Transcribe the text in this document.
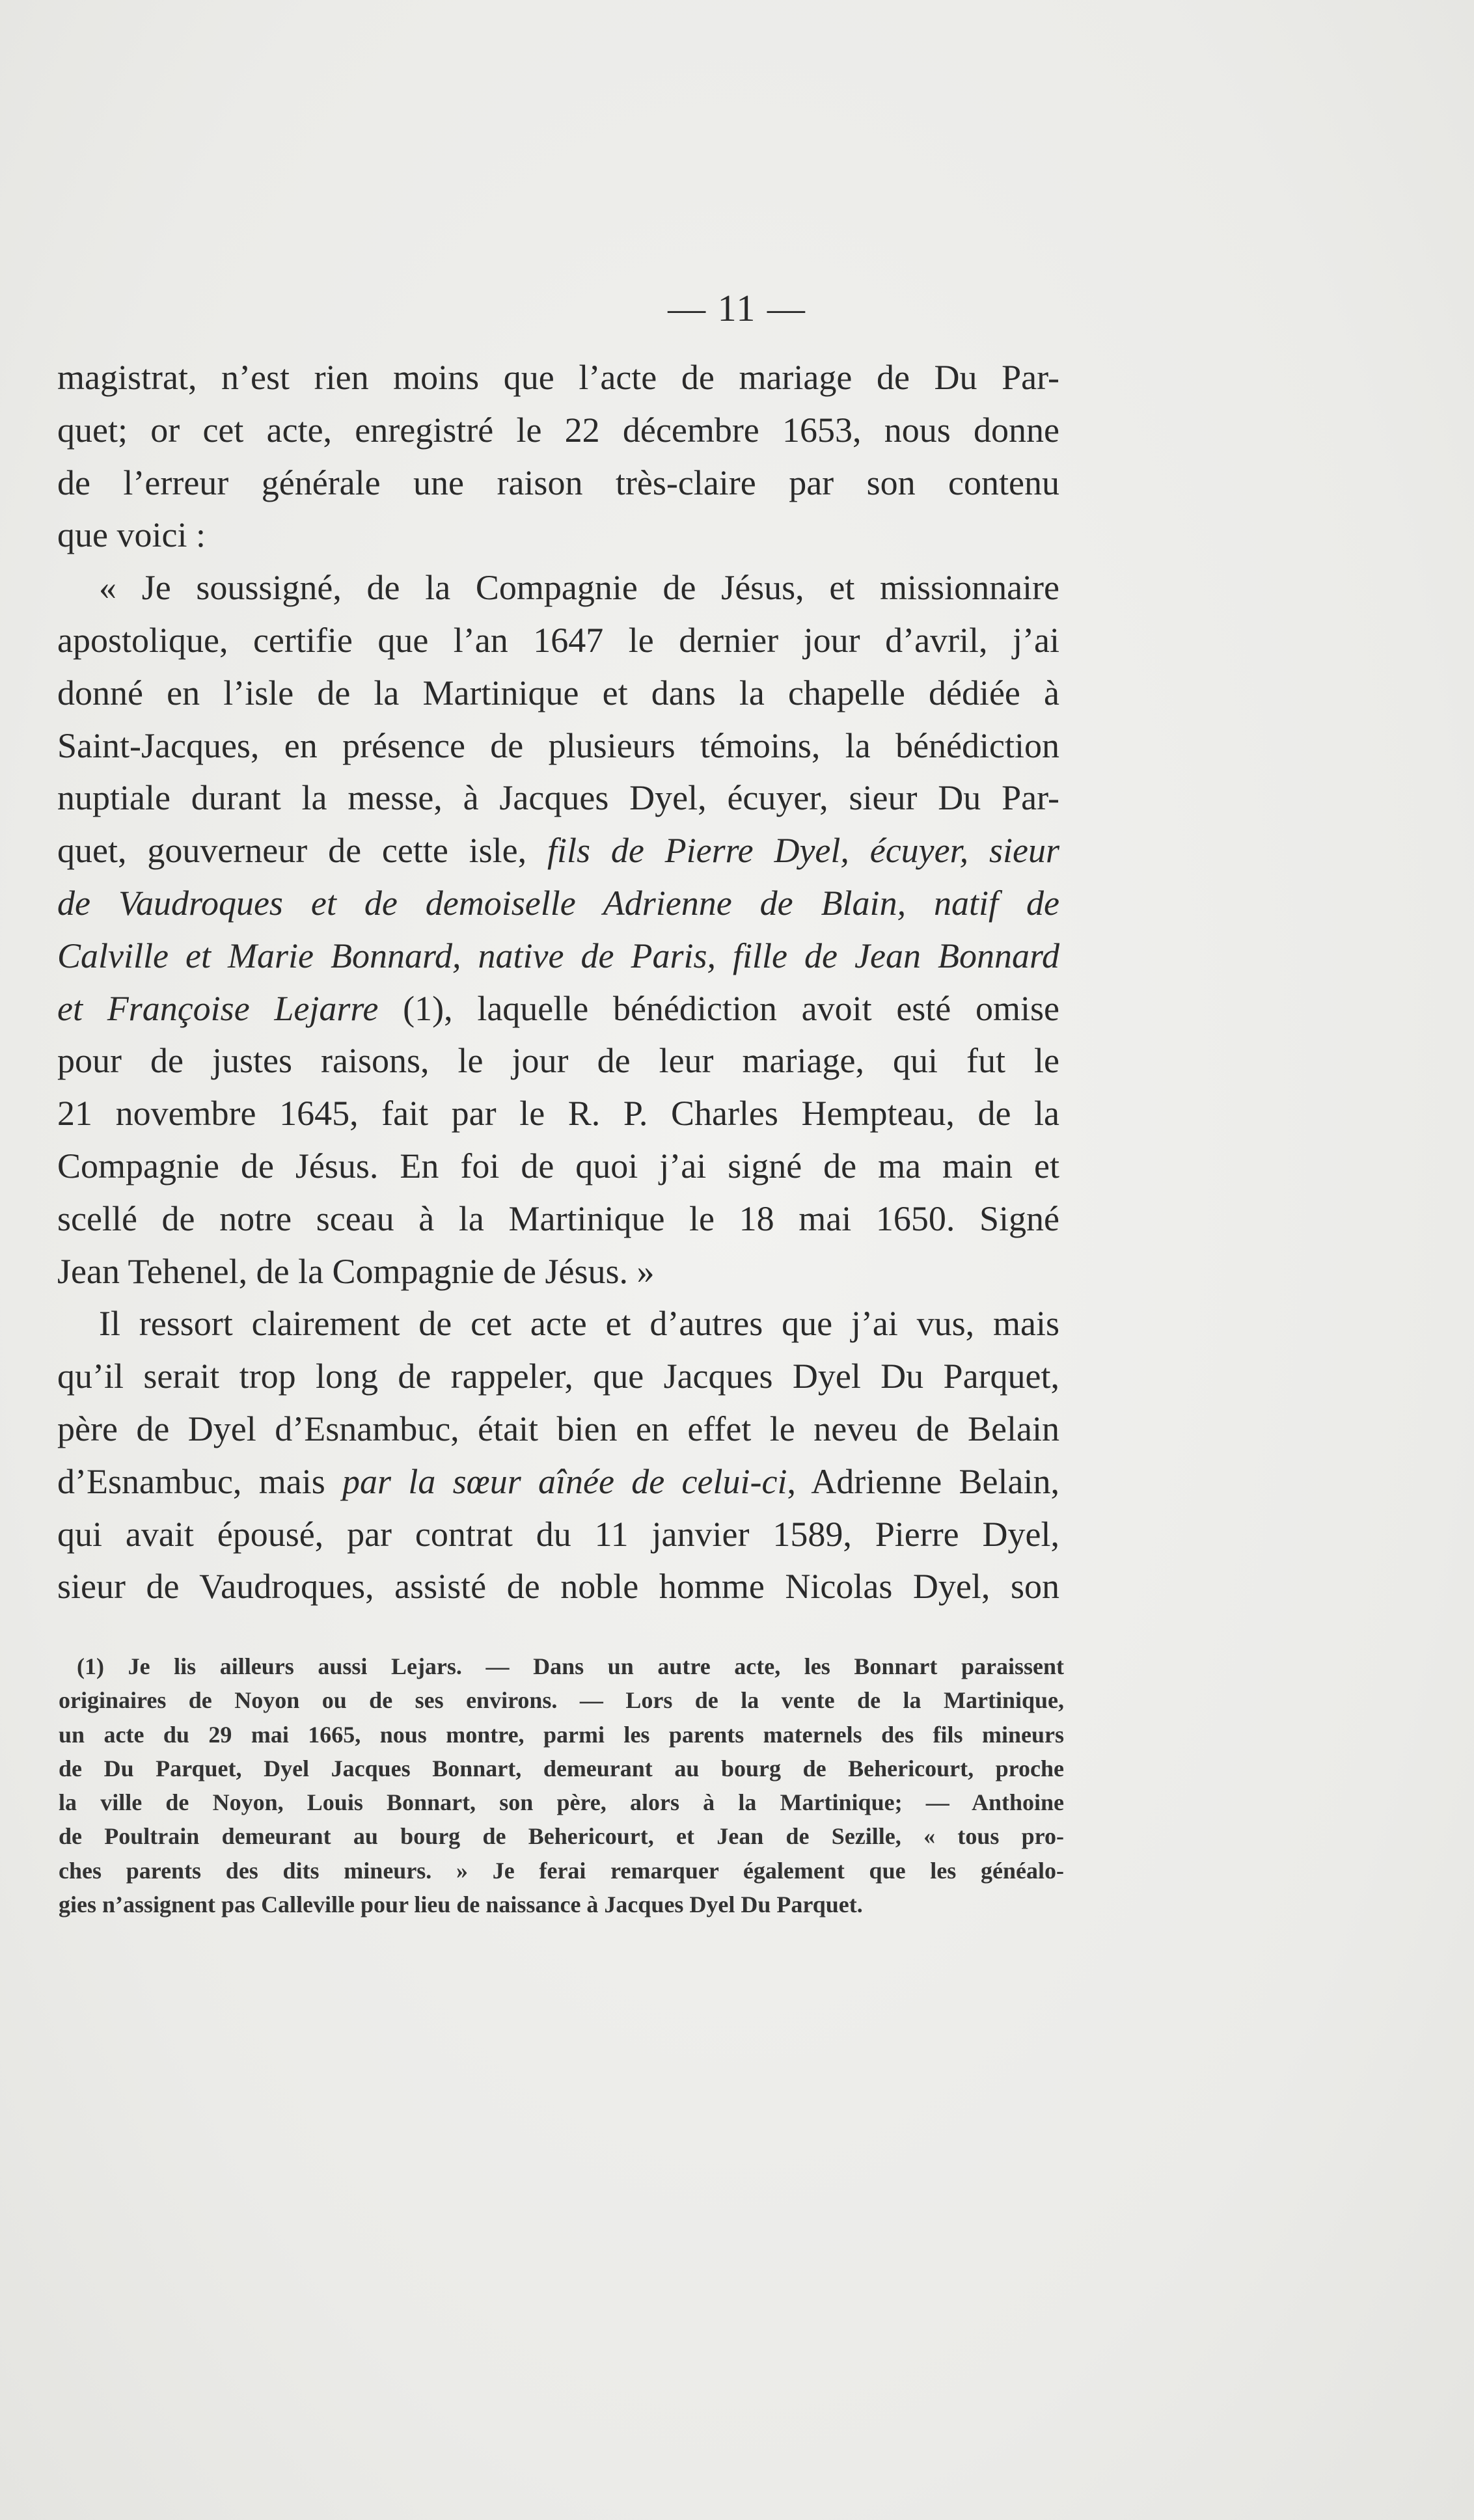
— 11 —
magistrat, n’est rien moins que l’acte de mariage de Du Par-
quet; or cet acte, enregistré le 22 décembre 1653, nous donne
de l’erreur générale une raison très-claire par son contenu
que voici :
« Je soussigné, de la Compagnie de Jésus, et missionnaire
apostolique, certifie que l’an 1647 le dernier jour d’avril, j’ai
donné en l’isle de la Martinique et dans la chapelle dédiée à
Saint-Jacques, en présence de plusieurs témoins, la bénédiction
nuptiale durant la messe, à Jacques Dyel, écuyer, sieur Du Par-
quet, gouverneur de cette isle, fils de Pierre Dyel, écuyer, sieur
de Vaudroques et de demoiselle Adrienne de Blain, natif de
Calville et Marie Bonnard, native de Paris, fille de Jean Bonnard
et Françoise Lejarre (1), laquelle bénédiction avoit esté omise
pour de justes raisons, le jour de leur mariage, qui fut le
21 novembre 1645, fait par le R. P. Charles Hempteau, de la
Compagnie de Jésus. En foi de quoi j’ai signé de ma main et
scellé de notre sceau à la Martinique le 18 mai 1650. Signé
Jean Tehenel, de la Compagnie de Jésus. »
Il ressort clairement de cet acte et d’autres que j’ai vus, mais
qu’il serait trop long de rappeler, que Jacques Dyel Du Parquet,
père de Dyel d’Esnambuc, était bien en effet le neveu de Belain
d’Esnambuc, mais par la sœur aînée de celui-ci, Adrienne Belain,
qui avait épousé, par contrat du 11 janvier 1589, Pierre Dyel,
sieur de Vaudroques, assisté de noble homme Nicolas Dyel, son
(1) Je lis ailleurs aussi Lejars. — Dans un autre acte, les Bonnart paraissent
originaires de Noyon ou de ses environs. — Lors de la vente de la Martinique,
un acte du 29 mai 1665, nous montre, parmi les parents maternels des fils mineurs
de Du Parquet, Dyel Jacques Bonnart, demeurant au bourg de Behericourt, proche
la ville de Noyon, Louis Bonnart, son père, alors à la Martinique; — Anthoine
de Poultrain demeurant au bourg de Behericourt, et Jean de Sezille, « tous pro-
ches parents des dits mineurs. » Je ferai remarquer également que les généalo-
gies n’assignent pas Calleville pour lieu de naissance à Jacques Dyel Du Parquet.
